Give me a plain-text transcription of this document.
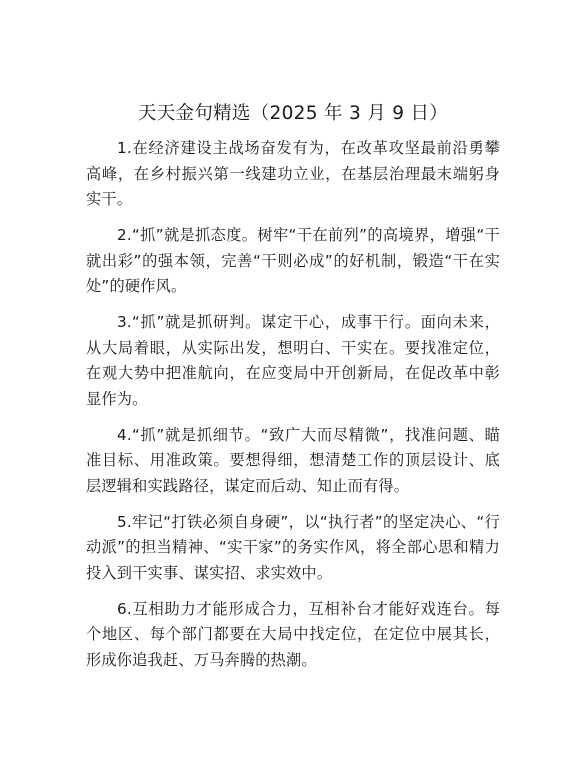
天天金句精选（2025 年 3 月 9 日）

1.在经济建设主战场奋发有为，在改革攻坚最前沿勇攀高峰，在乡村振兴第一线建功立业，在基层治理最末端躬身实干。

2.“抓”就是抓态度。树牢“干在前列”的高境界，增强“干就出彩”的强本领，完善“干则必成”的好机制，锻造“干在实处”的硬作风。

3.“抓”就是抓研判。谋定干心，成事干行。面向未来，从大局着眼，从实际出发，想明白、干实在。要找准定位，在观大势中把准航向，在应变局中开创新局，在促改革中彰显作为。

4.“抓”就是抓细节。“致广大而尽精微”，找准问题、瞄准目标、用准政策。要想得细，想清楚工作的顶层设计、底层逻辑和实践路径，谋定而后动、知止而有得。

5.牢记“打铁必须自身硬”，以“执行者”的坚定决心、“行动派”的担当精神、“实干家”的务实作风，将全部心思和精力投入到干实事、谋实招、求实效中。

6.互相助力才能形成合力，互相补台才能好戏连台。每个地区、每个部门都要在大局中找定位，在定位中展其长，形成你追我赶、万马奔腾的热潮。
